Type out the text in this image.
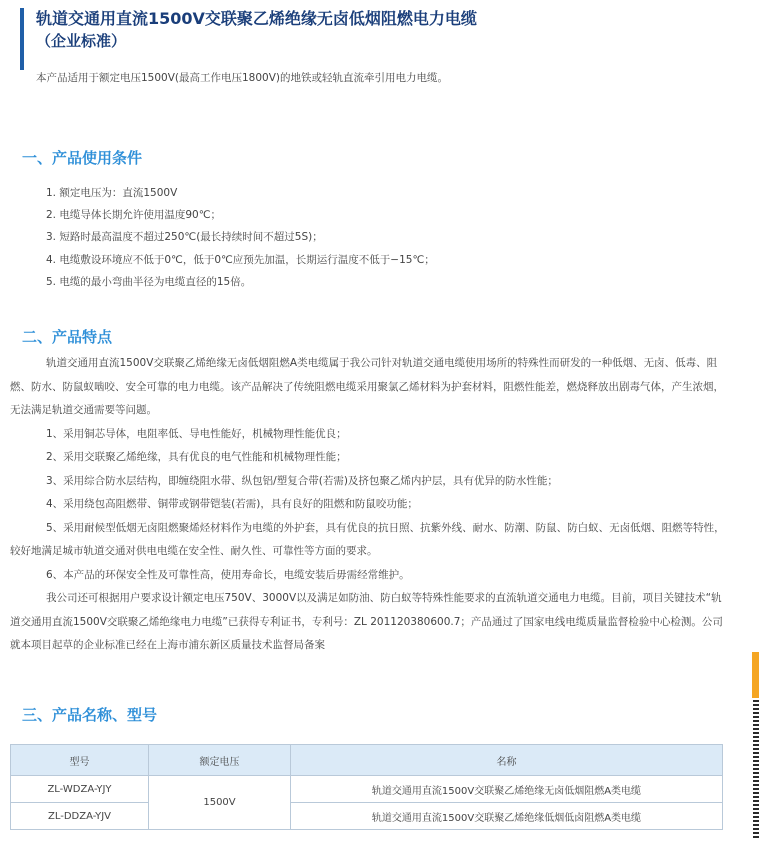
轨道交通用直流1500V交联聚乙烯绝缘无卤低烟阻燃电力电缆
（企业标准）
本产品适用于额定电压1500V(最高工作电压1800V)的地铁或轻轨直流牵引用电力电缆。
一、产品使用条件
1. 额定电压为：直流1500V
2. 电缆导体长期允许使用温度90℃；
3. 短路时最高温度不超过250℃(最长持续时间不超过5S)；
4. 电缆敷设环境应不低于0℃，低于0℃应预先加温，长期运行温度不低于−15℃；
5. 电缆的最小弯曲半径为电缆直径的15倍。
二、产品特点

轨道交通用直流1500V交联聚乙烯绝缘无卤低烟阻燃A类电缆属于我公司针对轨道交通电缆使用场所的特殊性而研发的一种低烟、无卤、低毒、阻燃、防水、防鼠蚁啮咬、安全可靠的电力电缆。该产品解决了传统阻燃电缆采用聚氯乙烯材料为护套材料，阻燃性能差，燃烧释放出剧毒气体，产生浓烟，无法满足轨道交通需要等问题。

1、采用铜芯导体，电阻率低、导电性能好，机械物理性能优良；

2、采用交联聚乙烯绝缘，具有优良的电气性能和机械物理性能；

3、采用综合防水层结构，即缠绕阻水带、纵包铝/塑复合带(若需)及挤包聚乙烯内护层，具有优异的防水性能；

4、采用绕包高阻燃带、铜带或钢带铠装(若需)，具有良好的阻燃和防鼠咬功能；

5、采用耐候型低烟无卤阻燃聚烯烃材料作为电缆的外护套，具有优良的抗日照、抗紫外线、耐水、防潮、防鼠、防白蚁、无卤低烟、阻燃等特性，较好地满足城市轨道交通对供电电缆在安全性、耐久性、可靠性等方面的要求。

6、本产品的环保安全性及可靠性高，使用寿命长，电缆安装后毋需经常维护。

我公司还可根据用户要求设计额定电压750V、3000V以及满足如防油、防白蚁等特殊性能要求的直流轨道交通电力电缆。目前，项目关键技术“轨道交通用直流1500V交联聚乙烯绝缘电力电缆”已获得专利证书，专利号：ZL 201120380600.7；产品通过了国家电线电缆质量监督检验中心检测。公司就本项目起草的企业标准已经在上海市浦东新区质量技术监督局备案

三、产品名称、型号
型号	额定电压	名称
ZL-WDZA-YJY	1500V	轨道交通用直流1500V交联聚乙烯绝缘无卤低烟阻燃A类电缆
ZL-DDZA-YJV		轨道交通用直流1500V交联聚乙烯绝缘低烟低卤阻燃A类电缆
